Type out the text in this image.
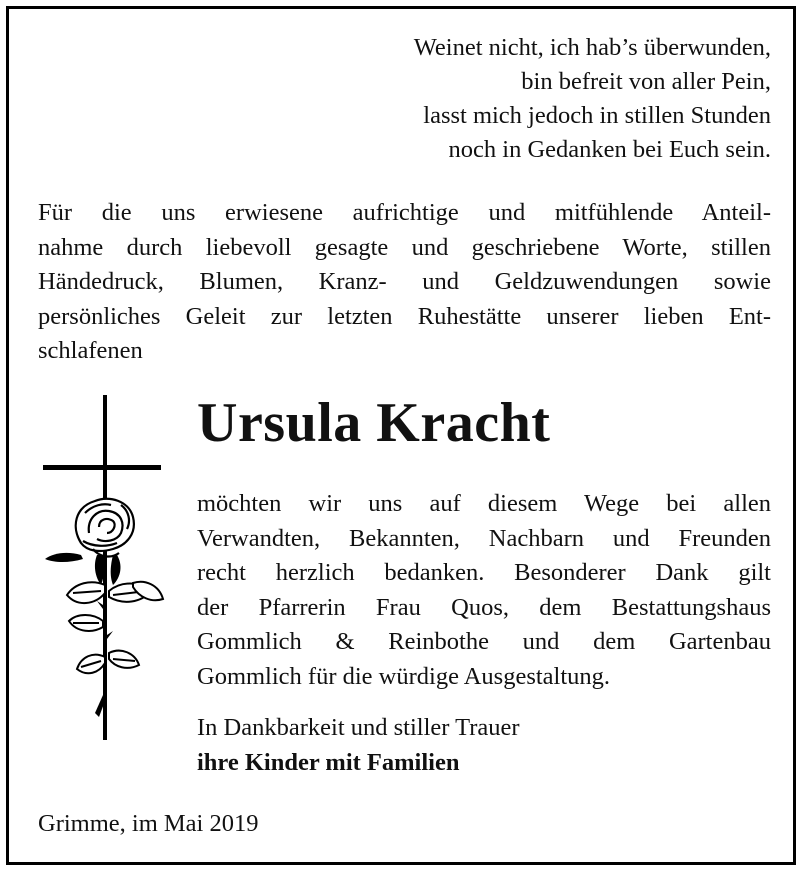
Weinet nicht, ich hab’s überwunden,
bin befreit von aller Pein,
lasst mich jedoch in stillen Stunden
noch in Gedanken bei Euch sein.
Für die uns erwiesene aufrichtige und mitfühlende Anteil-
nahme durch liebevoll gesagte und geschriebene Worte, stillen
Händedruck, Blumen, Kranz- und Geldzuwendungen sowie
persönliches Geleit zur letzten Ruhestätte unserer lieben Ent-
schlafenen
Ursula Kracht
möchten wir uns auf diesem Wege bei allen
Verwandten, Bekannten, Nachbarn und Freunden
recht herzlich bedanken. Besonderer Dank gilt
der Pfarrerin Frau Quos, dem Bestattungshaus
Gommlich & Reinbothe und dem Gartenbau
Gommlich für die würdige Ausgestaltung.
In Dankbarkeit und stiller Trauer
ihre Kinder mit Familien
Grimme, im Mai 2019
